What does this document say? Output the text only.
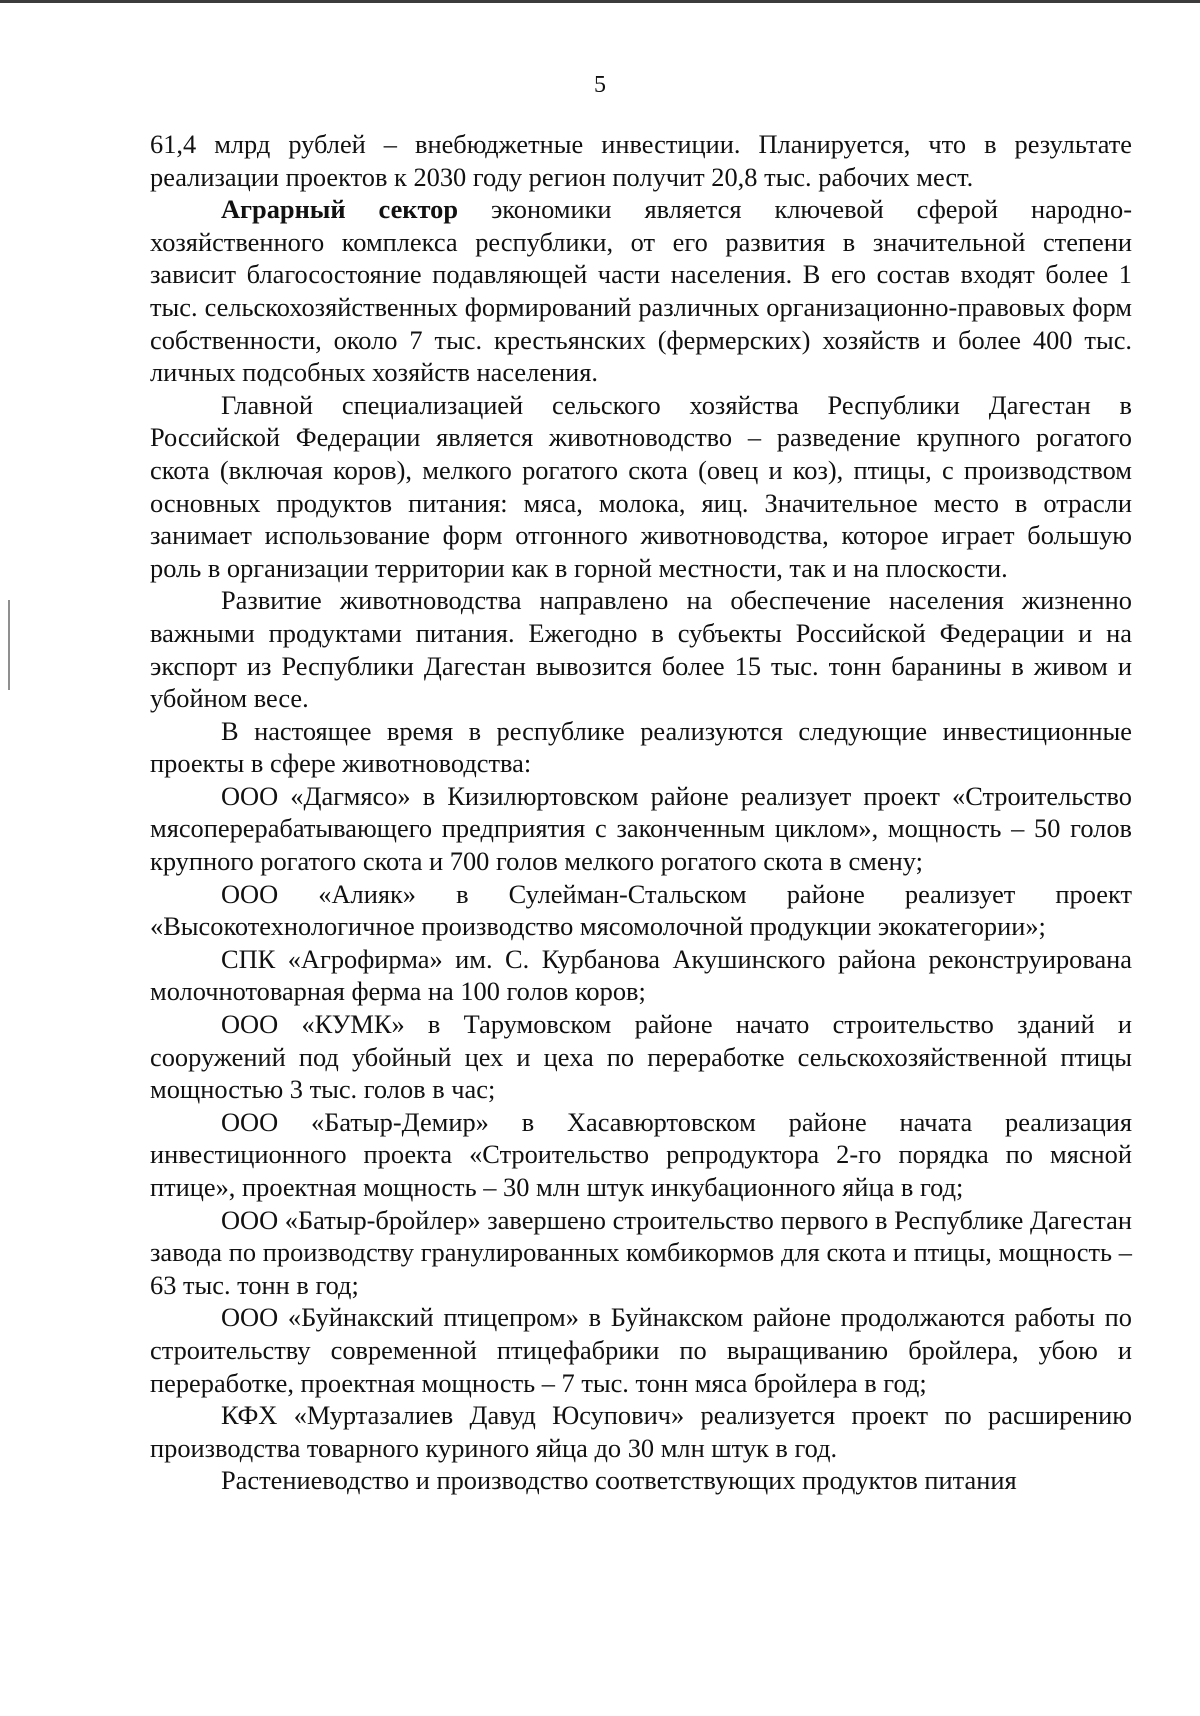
5

61,4 млрд рублей – внебюджетные инвестиции. Планируется, что в результате реализации проектов к 2030 году регион получит 20,8 тыс. рабочих мест.

Аграрный сектор экономики является ключевой сферой народно-хозяйственного комплекса республики, от его развития в значительной степени зависит благосостояние подавляющей части населения. В его состав входят более 1 тыс. сельскохозяйственных формирований различных организационно-правовых форм собственности, около 7 тыс. крестьянских (фермерских) хозяйств и более 400 тыс. личных подсобных хозяйств населения.

Главной специализацией сельского хозяйства Республики Дагестан в Российской Федерации является животноводство – разведение крупного рогатого скота (включая коров), мелкого рогатого скота (овец и коз), птицы, с производством основных продуктов питания: мяса, молока, яиц. Значительное место в отрасли занимает использование форм отгонного животноводства, которое играет большую роль в организации территории как в горной местности, так и на плоскости.

Развитие животноводства направлено на обеспечение населения жизненно важными продуктами питания. Ежегодно в субъекты Российской Федерации и на экспорт из Республики Дагестан вывозится более 15 тыс. тонн баранины в живом и убойном весе.

В настоящее время в республике реализуются следующие инвестиционные проекты в сфере животноводства:

ООО «Дагмясо» в Кизилюртовском районе реализует проект «Строительство мясоперерабатывающего предприятия с законченным циклом», мощность – 50 голов крупного рогатого скота и 700 голов мелкого рогатого скота в смену;

ООО «Алияк» в Сулейман-Стальском районе реализует проект «Высокотехнологичное производство мясомолочной продукции экокатегории»;

СПК «Агрофирма» им. С. Курбанова Акушинского района реконструирована молочнотоварная ферма на 100 голов коров;

ООО «КУМК» в Тарумовском районе начато строительство зданий и сооружений под убойный цех и цеха по переработке сельскохозяйственной птицы мощностью 3 тыс. голов в час;

ООО «Батыр-Демир» в Хасавюртовском районе начата реализация инвестиционного проекта «Строительство репродуктора 2-го порядка по мясной птице», проектная мощность – 30 млн штук инкубационного яйца в год;

ООО «Батыр-бройлер» завершено строительство первого в Республике Дагестан завода по производству гранулированных комбикормов для скота и птицы, мощность – 63 тыс. тонн в год;

ООО «Буйнакский птицепром» в Буйнакском районе продолжаются работы по строительству современной птицефабрики по выращиванию бройлера, убою и переработке, проектная мощность – 7 тыс. тонн мяса бройлера в год;

КФХ «Муртазалиев Давуд Юсупович» реализуется проект по расширению производства товарного куриного яйца до 30 млн штук в год.

Растениеводство и производство соответствующих продуктов питания
